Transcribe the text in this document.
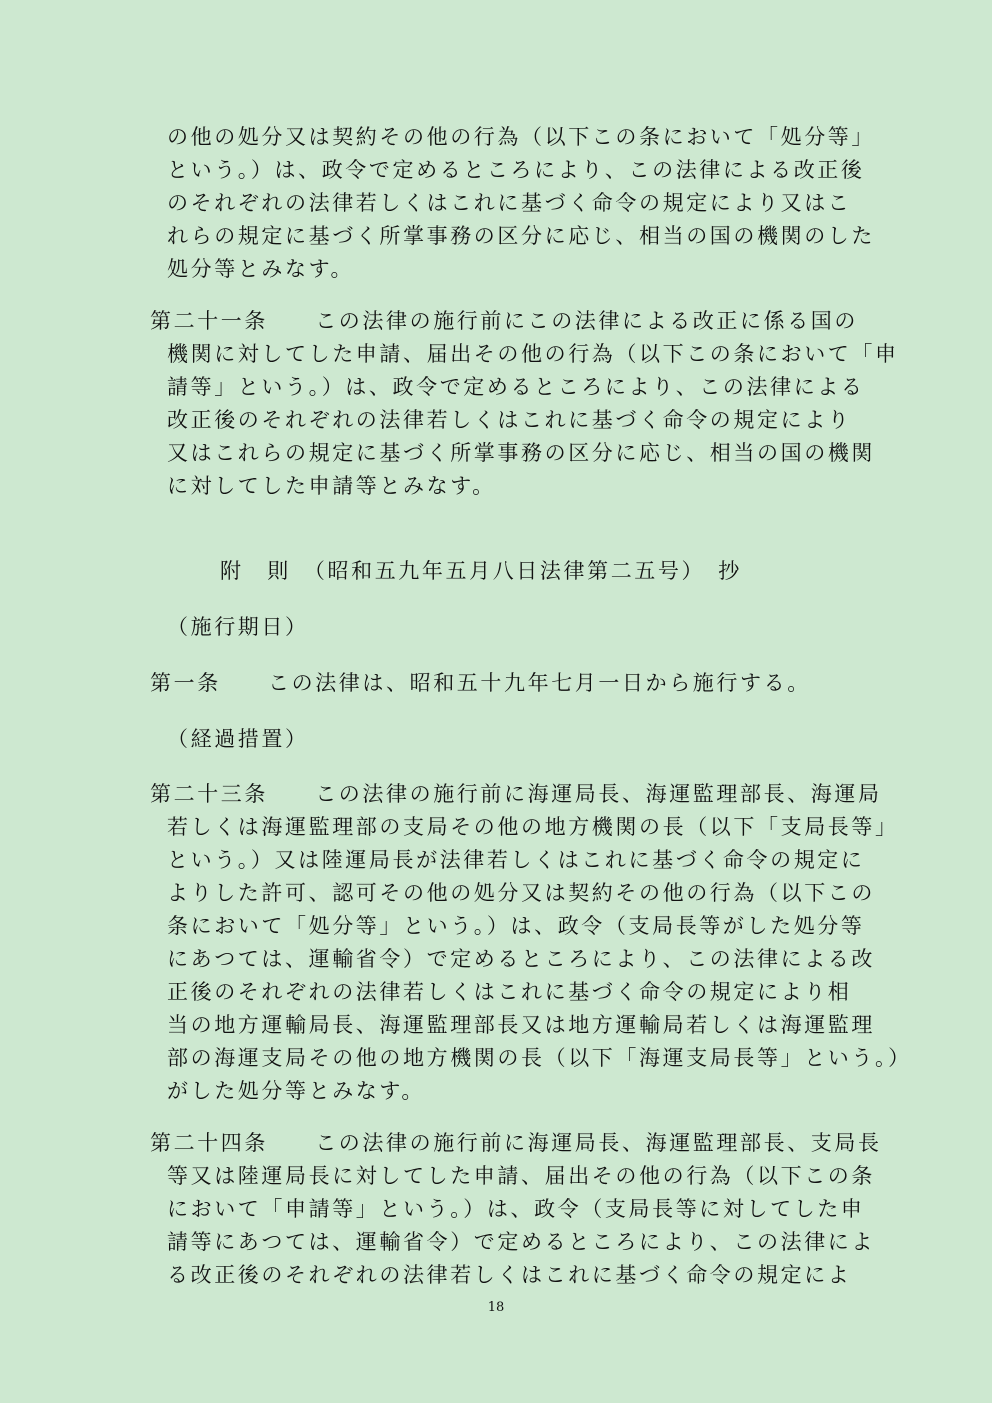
の他の処分又は契約その他の行為（以下この条において「処分等」
という。）は、政令で定めるところにより、この法律による改正後
のそれぞれの法律若しくはこれに基づく命令の規定により又はこ
れらの規定に基づく所掌事務の区分に応じ、相当の国の機関のした
処分等とみなす。
第二十一条　　この法律の施行前にこの法律による改正に係る国の
機関に対してした申請、届出その他の行為（以下この条において「申
請等」という。）は、政令で定めるところにより、この法律による
改正後のそれぞれの法律若しくはこれに基づく命令の規定により
又はこれらの規定に基づく所掌事務の区分に応じ、相当の国の機関
に対してした申請等とみなす。
附　則　（昭和五九年五月八日法律第二五号）　抄
（施行期日）
第一条　　この法律は、昭和五十九年七月一日から施行する。
（経過措置）
第二十三条　　この法律の施行前に海運局長、海運監理部長、海運局
若しくは海運監理部の支局その他の地方機関の長（以下「支局長等」
という。）又は陸運局長が法律若しくはこれに基づく命令の規定に
よりした許可、認可その他の処分又は契約その他の行為（以下この
条において「処分等」という。）は、政令（支局長等がした処分等
にあつては、運輸省令）で定めるところにより、この法律による改
正後のそれぞれの法律若しくはこれに基づく命令の規定により相
当の地方運輸局長、海運監理部長又は地方運輸局若しくは海運監理
部の海運支局その他の地方機関の長（以下「海運支局長等」という。）
がした処分等とみなす。
第二十四条　　この法律の施行前に海運局長、海運監理部長、支局長
等又は陸運局長に対してした申請、届出その他の行為（以下この条
において「申請等」という。）は、政令（支局長等に対してした申
請等にあつては、運輸省令）で定めるところにより、この法律によ
る改正後のそれぞれの法律若しくはこれに基づく命令の規定によ
18
